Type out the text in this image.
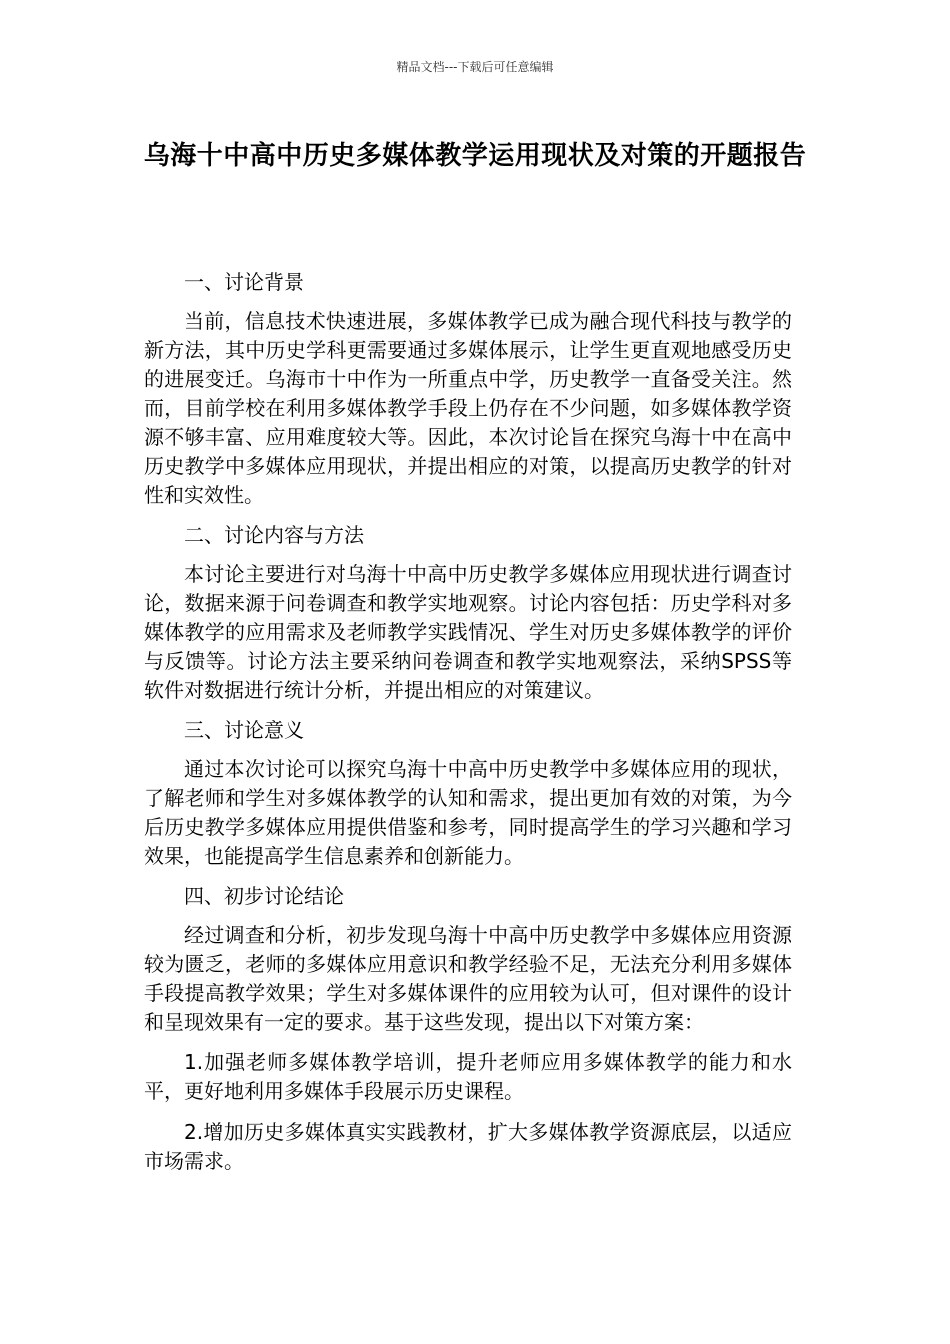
精品文档---下载后可任意编辑
乌海十中高中历史多媒体教学运用现状及对策的开题报告

一、讨论背景

当前，信息技术快速进展，多媒体教学已成为融合现代科技与教学的新方法，其中历史学科更需要通过多媒体展示，让学生更直观地感受历史的进展变迁。乌海市十中作为一所重点中学，历史教学一直备受关注。然而，目前学校在利用多媒体教学手段上仍存在不少问题，如多媒体教学资源不够丰富、应用难度较大等。因此，本次讨论旨在探究乌海十中在高中历史教学中多媒体应用现状，并提出相应的对策，以提高历史教学的针对性和实效性。

二、讨论内容与方法

本讨论主要进行对乌海十中高中历史教学多媒体应用现状进行调查讨论，数据来源于问卷调查和教学实地观察。讨论内容包括：历史学科对多媒体教学的应用需求及老师教学实践情况、学生对历史多媒体教学的评价与反馈等。讨论方法主要采纳问卷调查和教学实地观察法，采纳SPSS等软件对数据进行统计分析，并提出相应的对策建议。

三、讨论意义

通过本次讨论可以探究乌海十中高中历史教学中多媒体应用的现状，了解老师和学生对多媒体教学的认知和需求，提出更加有效的对策，为今后历史教学多媒体应用提供借鉴和参考，同时提高学生的学习兴趣和学习效果，也能提高学生信息素养和创新能力。

四、初步讨论结论

经过调查和分析，初步发现乌海十中高中历史教学中多媒体应用资源较为匮乏，老师的多媒体应用意识和教学经验不足，无法充分利用多媒体手段提高教学效果；学生对多媒体课件的应用较为认可，但对课件的设计和呈现效果有一定的要求。基于这些发现，提出以下对策方案：

1.加强老师多媒体教学培训，提升老师应用多媒体教学的能力和水平，更好地利用多媒体手段展示历史课程。

2.增加历史多媒体真实实践教材，扩大多媒体教学资源底层，以适应市场需求。
